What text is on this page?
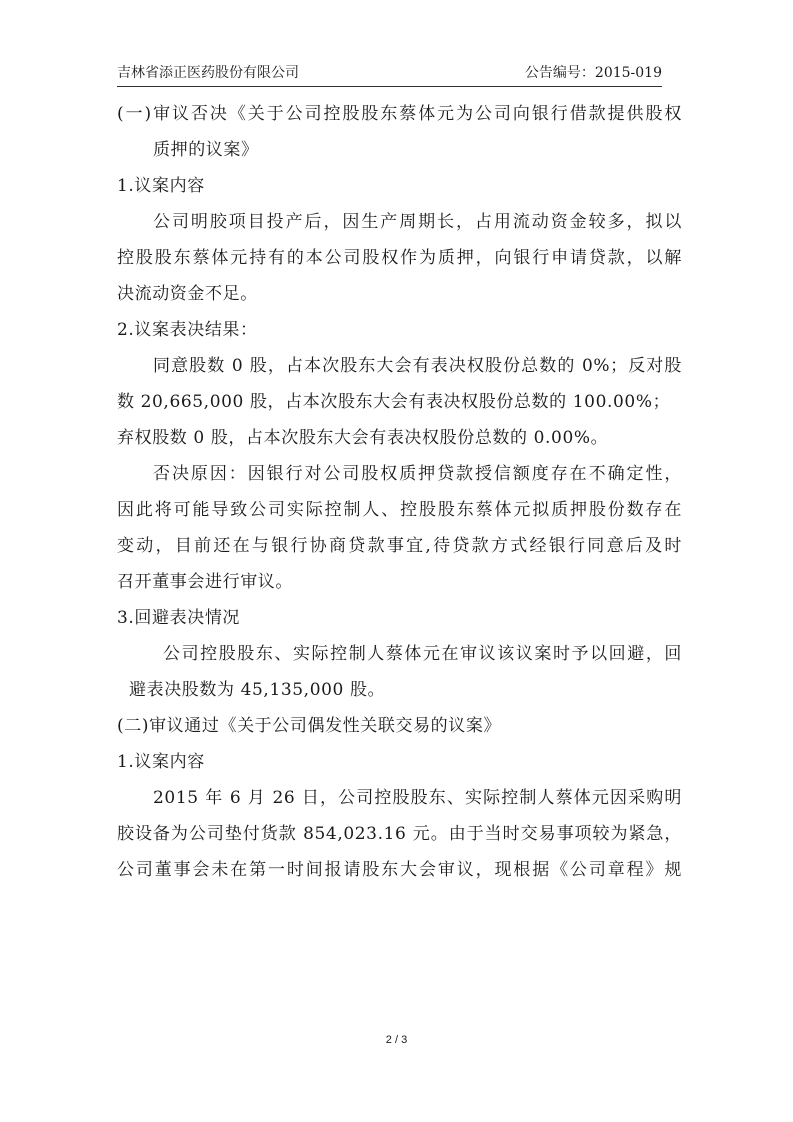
吉林省添正医药股份有限公司	公告编号：2015-019
(一)审议否决《关于公司控股股东蔡体元为公司向银行借款提供股权
质押的议案》
1.议案内容
公司明胶项目投产后，因生产周期长，占用流动资金较多，拟以
控股股东蔡体元持有的本公司股权作为质押，向银行申请贷款，以解
决流动资金不足。
2.议案表决结果：
同意股数 0 股，占本次股东大会有表决权股份总数的 0%；反对股
数 20,665,000 股，占本次股东大会有表决权股份总数的 100.00%；
弃权股数 0 股，占本次股东大会有表决权股份总数的 0.00%。
否决原因：因银行对公司股权质押贷款授信额度存在不确定性，
因此将可能导致公司实际控制人、控股股东蔡体元拟质押股份数存在
变动，目前还在与银行协商贷款事宜,待贷款方式经银行同意后及时
召开董事会进行审议。
3.回避表决情况
公司控股股东、实际控制人蔡体元在审议该议案时予以回避，回
避表决股数为 45,135,000 股。
(二)审议通过《关于公司偶发性关联交易的议案》
1.议案内容
2015 年 6 月 26 日，公司控股股东、实际控制人蔡体元因采购明
胶设备为公司垫付货款 854,023.16 元。由于当时交易事项较为紧急，
公司董事会未在第一时间报请股东大会审议，现根据《公司章程》规
2 / 3
